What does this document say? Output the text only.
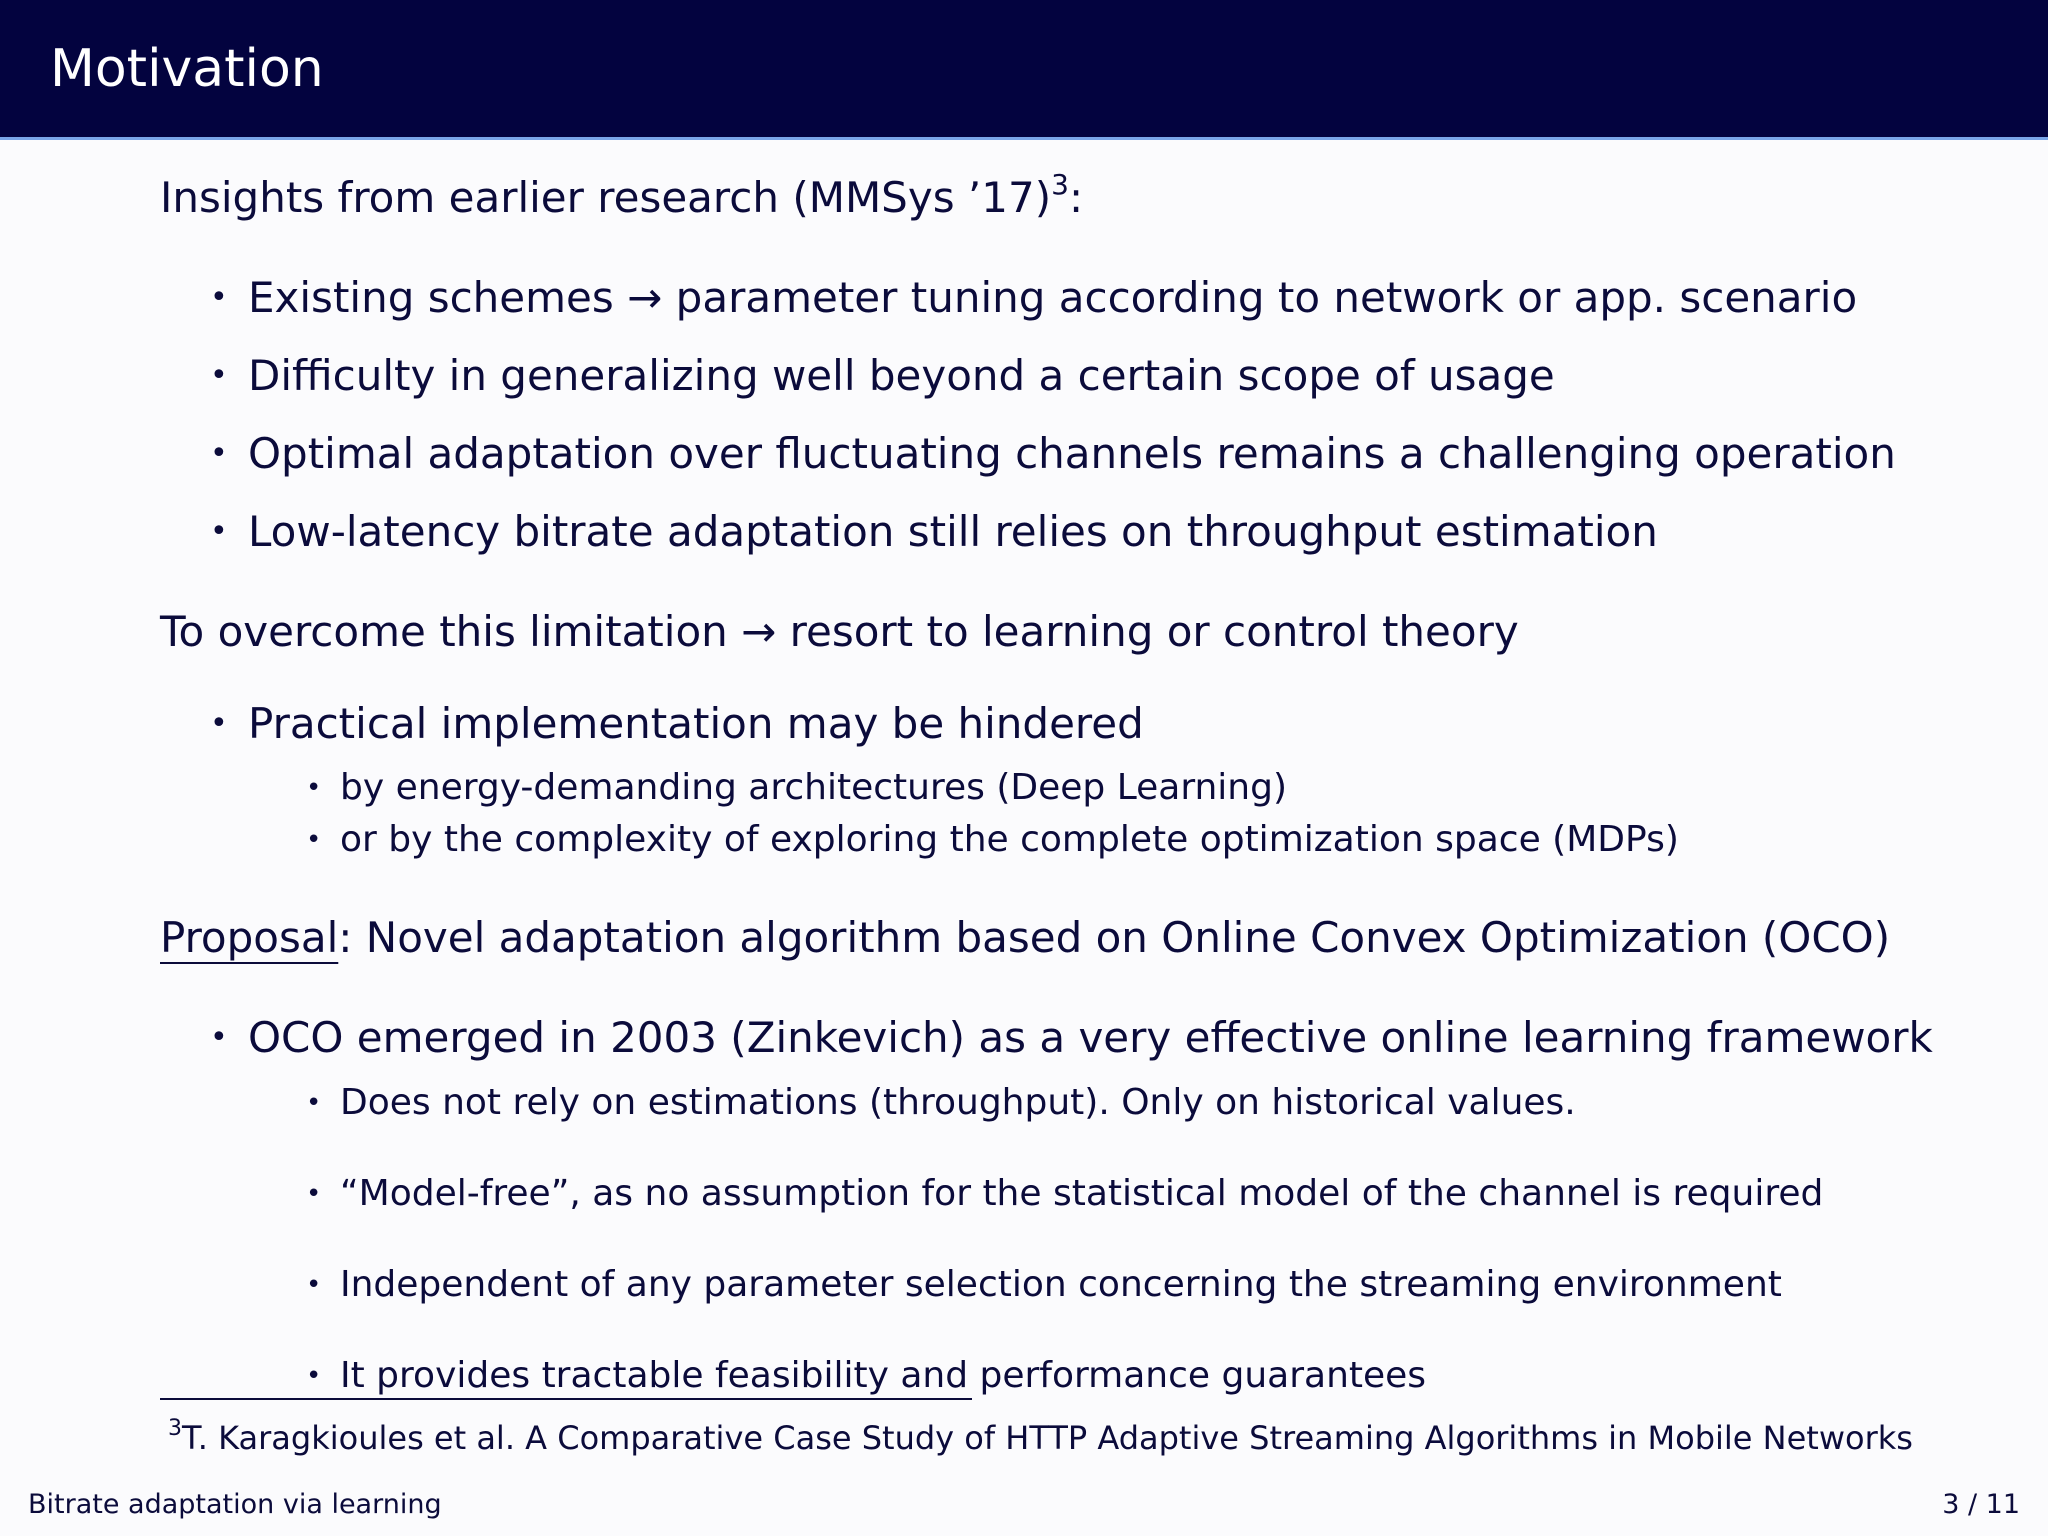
Motivation
Insights from earlier research (MMSys ’17)$^3$:
• Existing schemes → parameter tuning according to network or app. scenario
• Difficulty in generalizing well beyond a certain scope of usage
• Optimal adaptation over fluctuating channels remains a challenging operation
• Low-latency bitrate adaptation still relies on throughput estimation
To overcome this limitation → resort to learning or control theory
• Practical implementation may be hindered
• by energy-demanding architectures (Deep Learning)
• or by the complexity of exploring the complete optimization space (MDPs)
Proposal: Novel adaptation algorithm based on Online Convex Optimization (OCO)
• OCO emerged in 2003 (Zinkevich) as a very effective online learning framework
• Does not rely on estimations (throughput). Only on historical values.
• “Model-free”, as no assumption for the statistical model of the channel is required
• Independent of any parameter selection concerning the streaming environment
• It provides tractable feasibility and performance guarantees
$^3$T. Karagkioules et al. A Comparative Case Study of HTTP Adaptive Streaming Algorithms in Mobile Networks
Bitrate adaptation via learning	3 / 11
